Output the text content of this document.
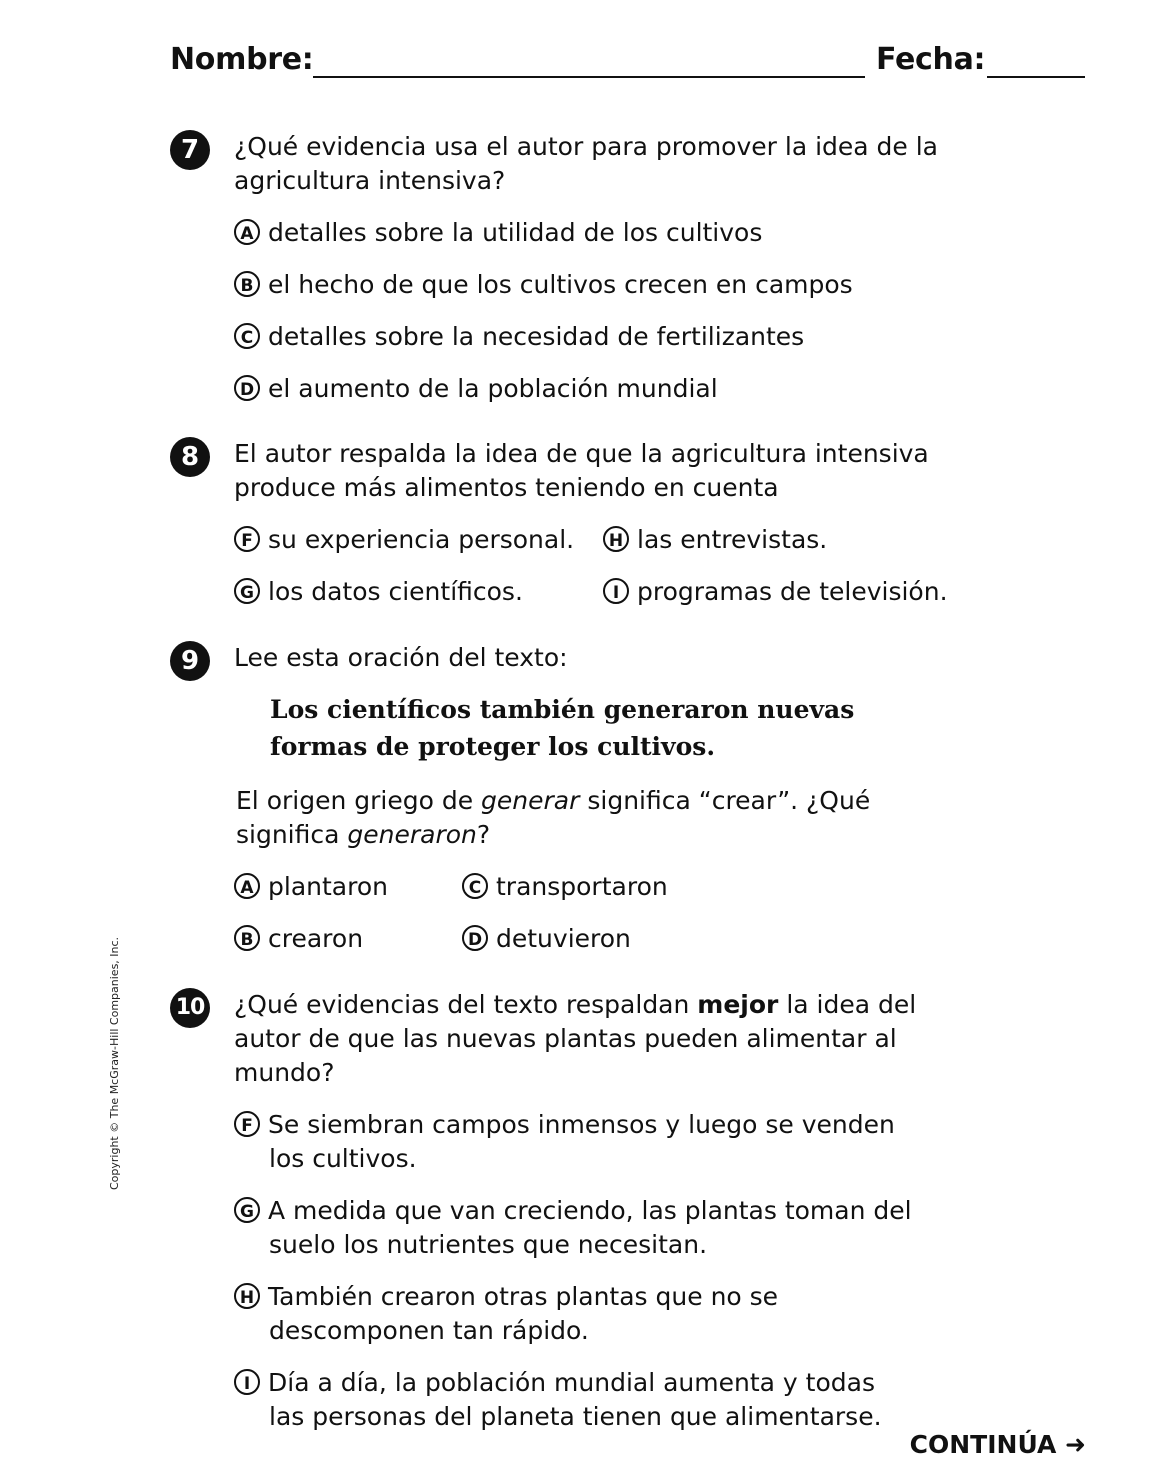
Nombre:	Fecha:
7	¿Qué evidencia usa el autor para promover la idea de la agricultura intensiva?
A detalles sobre la utilidad de los cultivos
B el hecho de que los cultivos crecen en campos
C detalles sobre la necesidad de fertilizantes
D el aumento de la población mundial
8	El autor respalda la idea de que la agricultura intensiva produce más alimentos teniendo en cuenta
F su experiencia personal.	H las entrevistas.
G los datos científicos.	I programas de televisión.
9	Lee esta oración del texto:
Los científicos también generaron nuevas formas de proteger los cultivos.
El origen griego de generar significa “crear”. ¿Qué significa generaron?
A plantaron	C transportaron
B crearon	D detuvieron
10 ¿Qué evidencias del texto respaldan mejor la idea del autor de que las nuevas plantas pueden alimentar al mundo?
F Se siembran campos inmensos y luego se venden los cultivos.
G A medida que van creciendo, las plantas toman del suelo los nutrientes que necesitan.
H También crearon otras plantas que no se descomponen tan rápido.
I Día a día, la población mundial aumenta y todas las personas del planeta tienen que alimentarse.
Copyright © The McGraw-Hill Companies, Inc.
CONTINÚA ➜
